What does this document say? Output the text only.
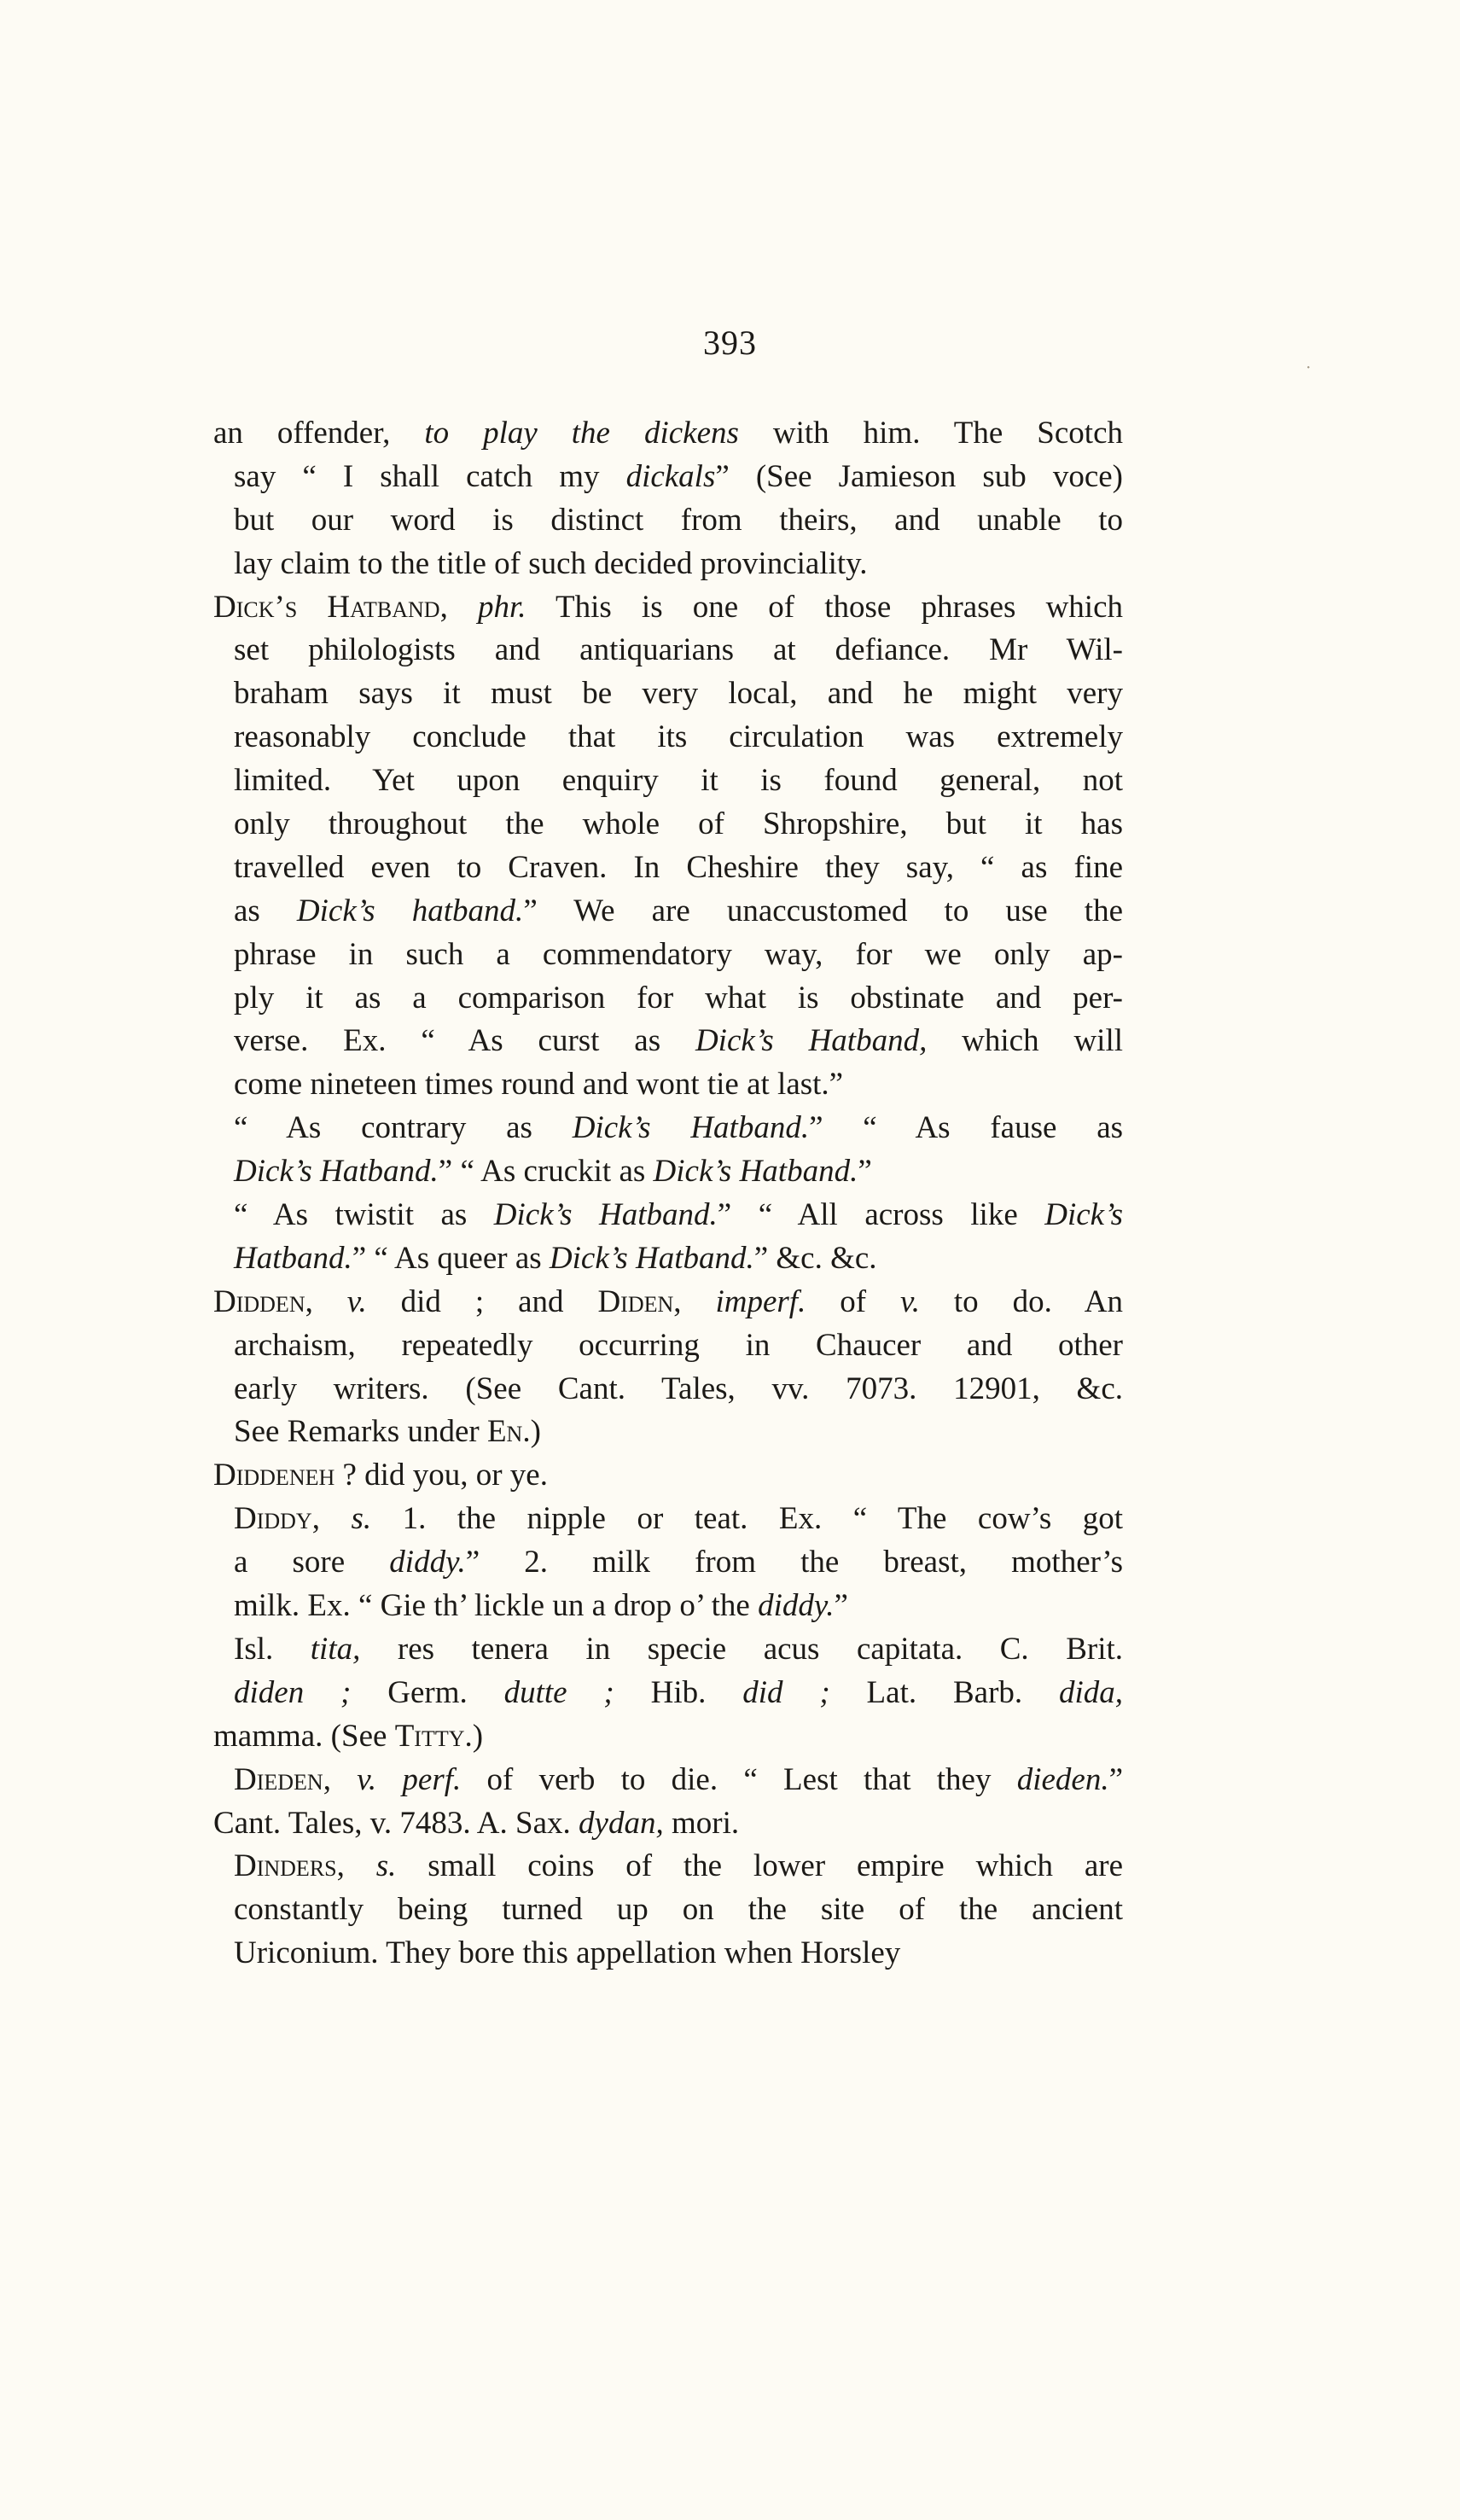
393
an offender, to play the dickens with him. The Scotch
say “ I shall catch my dickals” (See Jamieson sub voce)
but our word is distinct from theirs, and unable to
lay claim to the title of such decided provinciality.
Dick’s Hatband, phr. This is one of those phrases which
set philologists and antiquarians at defiance. Mr Wil-
braham says it must be very local, and he might very
reasonably conclude that its circulation was extremely
limited. Yet upon enquiry it is found general, not
only throughout the whole of Shropshire, but it has
travelled even to Craven. In Cheshire they say, “ as fine
as Dick’s hatband.” We are unaccustomed to use the
phrase in such a commendatory way, for we only ap-
ply it as a comparison for what is obstinate and per-
verse. Ex. “ As curst as Dick’s Hatband, which will
come nineteen times round and wont tie at last.”
“ As contrary as Dick’s Hatband.” “ As fause as
Dick’s Hatband.” “ As cruckit as Dick’s Hatband.”
“ As twistit as Dick’s Hatband.” “ All across like Dick’s
Hatband.” “ As queer as Dick’s Hatband.” &c. &c.
Didden, v. did ; and Diden, imperf. of v. to do. An
archaism, repeatedly occurring in Chaucer and other
early writers. (See Cant. Tales, vv. 7073. 12901, &c.
See Remarks under En.)
Diddeneh ? did you, or ye.
Diddy, s. 1. the nipple or teat. Ex. “ The cow’s got
a sore diddy.” 2. milk from the breast, mother’s
milk. Ex. “ Gie th’ lickle un a drop o’ the diddy.”
Isl. tita, res tenera in specie acus capitata. C. Brit.
diden ; Germ. dutte ; Hib. did ; Lat. Barb. dida,
mamma. (See Titty.)
Dieden, v. perf. of verb to die. “ Lest that they dieden.”
Cant. Tales, v. 7483. A. Sax. dydan, mori.
Dinders, s. small coins of the lower empire which are
constantly being turned up on the site of the ancient
Uriconium. They bore this appellation when Horsley
·
